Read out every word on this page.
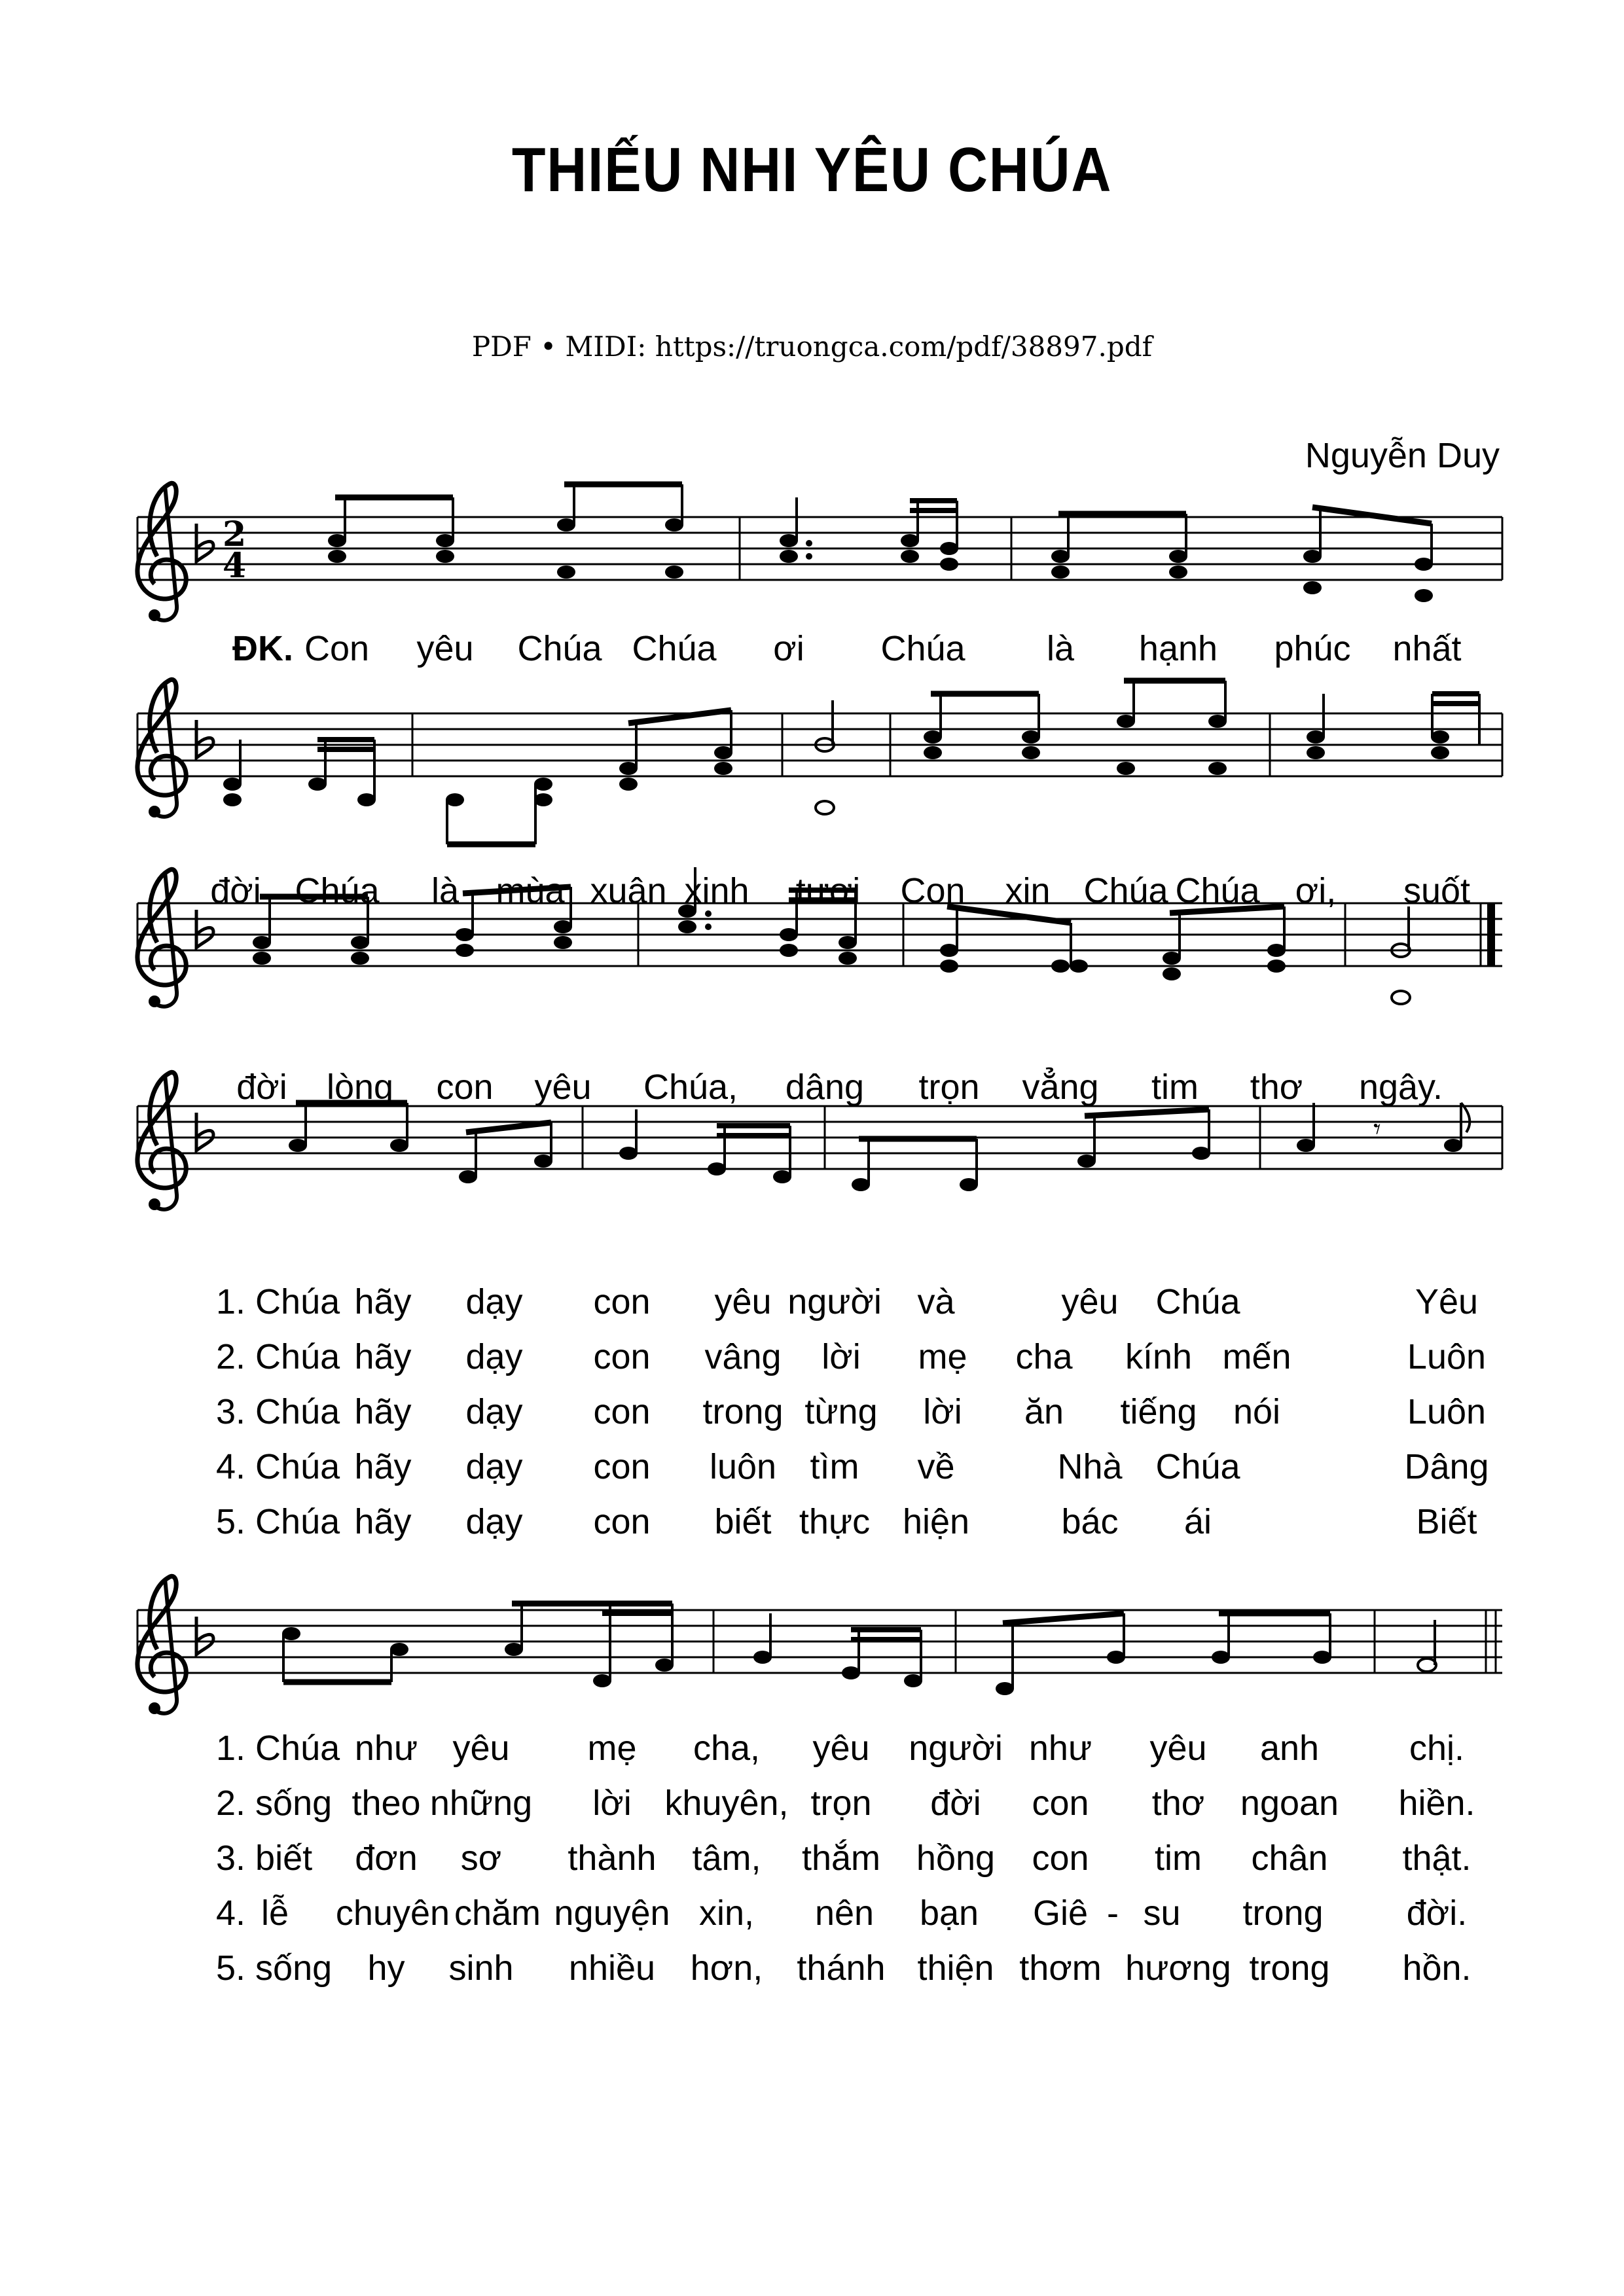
THIẾU NHI YÊU CHÚA
PDF • MIDI: https://truongca.com/pdf/38897.pdf
Nguyễn Duy
2
4
𝄾
ĐK. Con yêu Chúa Chúa ơi Chúa là hạnh phúc nhất
đời Chúa là mùa xuân xinh tươi Con xin Chúa Chúa ơi, suốt
đời lòng con yêu Chúa, dâng trọn vẳng tim thơ ngây.
1. Chúa hãy dạy con yêu người và	yêu Chúa	Yêu
2. Chúa hãy dạy con vâng lời mẹ cha kính mến	Luôn
3. Chúa hãy dạy con trong từng lời ăn tiếng nói	Luôn
4. Chúa hãy dạy con luôn tìm về	Nhà Chúa	Dâng
5. Chúa hãy dạy con biết thực hiện	bác ái	Biết
1. Chúa như yêu mẹ cha, yêu người như yêu anh	chị.
2. sống theo những lời khuyên, trọn đời con thơ ngoan hiền.
3. biết đơn sơ thành tâm, thắm hồng con tim chân thật.
4. lễ chuyên chăm nguyện xin, nên bạn Giê - su trong đời.
5. sống hy sinh nhiều hơn, thánh thiện thơm hương trong hồn.
